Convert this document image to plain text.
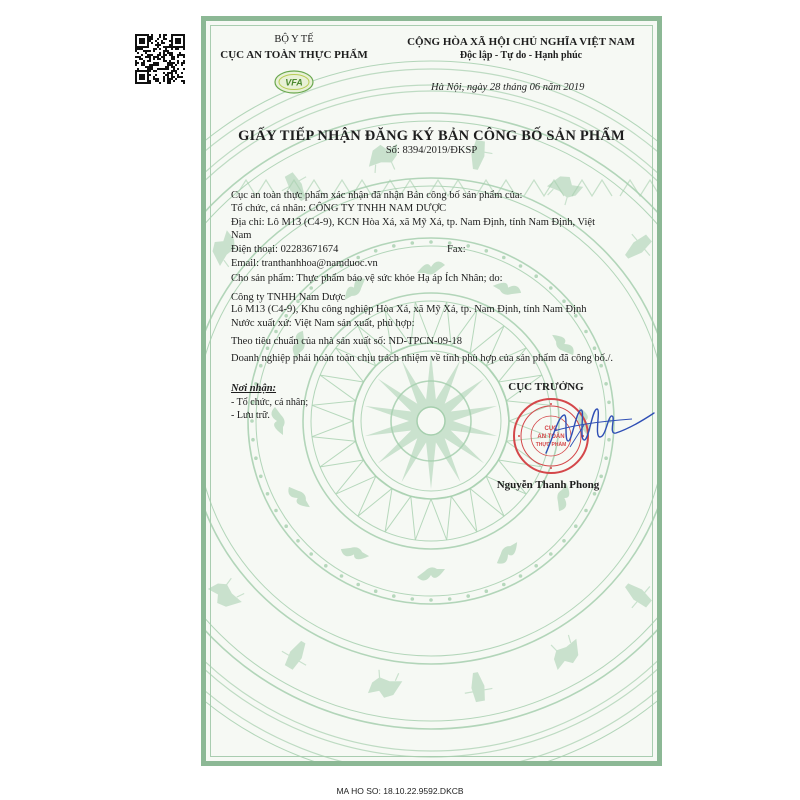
BỘ Y TẾ
CỤC AN TOÀN THỰC PHẨM
VFA
CỘNG HÒA XÃ HỘI CHỦ NGHĨA VIỆT NAM
Độc lập - Tự do - Hạnh phúc
Hà Nội, ngày 28 tháng 06 năm 2019
GIẤY TIẾP NHẬN ĐĂNG KÝ BẢN CÔNG BỐ SẢN PHẨM
Số: 8394/2019/ĐKSP
Cục an toàn thực phẩm xác nhận đã nhận Bản công bố sản phẩm của:
Tổ chức, cá nhân: CÔNG TY TNHH NAM DƯỢC
Địa chỉ: Lô M13 (C4-9), KCN Hòa Xá, xã Mỹ Xá, tp. Nam Định, tỉnh Nam Định, Việt
Nam
Điện thoại: 02283671674	Fax:
Email: tranthanhhoa@namduoc.vn
Cho sản phẩm: Thực phẩm bảo vệ sức khỏe Hạ áp Ích Nhân; do:
Công ty TNHH Nam Dược
Lô M13 (C4-9), Khu công nghiệp Hòa Xá, xã Mỹ Xá, tp. Nam Định, tỉnh Nam Định
Nước xuất xứ: Việt Nam sản xuất, phù hợp:
Theo tiêu chuẩn của nhà sản xuất số: ND-TPCN-09-18
Doanh nghiệp phải hoàn toàn chịu trách nhiệm về tính phù hợp của sản phẩm đã công bố./.
Nơi nhận:
- Tổ chức, cá nhân;
- Lưu trữ.
CỤC TRƯỞNG
CỤC
AN TOÀN
THỰC PHẨM
Nguyễn Thanh Phong
MA HO SO: 18.10.22.9592.DKCB
